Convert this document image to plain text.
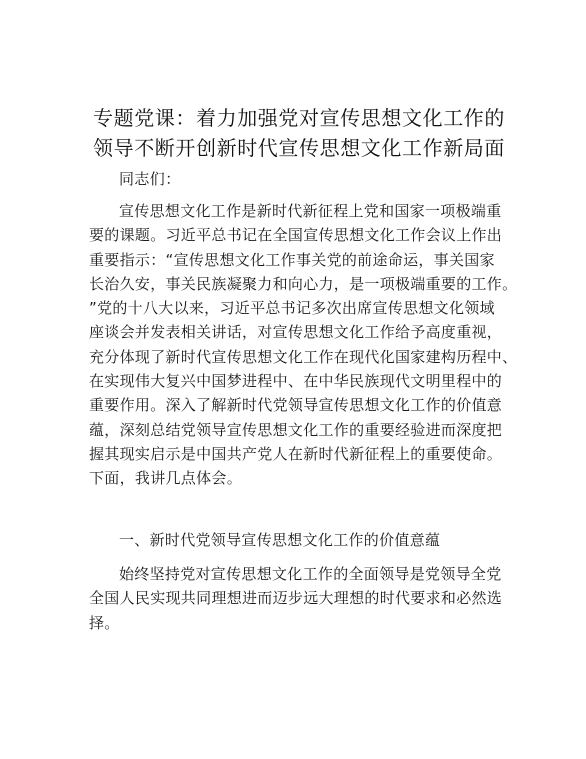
专题党课：着力加强党对宣传思想文化工作的
领导不断开创新时代宣传思想文化工作新局面
同志们：

宣传思想文化工作是新时代新征程上党和国家一项极端重
要的课题。习近平总书记在全国宣传思想文化工作会议上作出
重要指示：“宣传思想文化工作事关党的前途命运，事关国家
长治久安，事关民族凝聚力和向心力，是一项极端重要的工作。
”党的十八大以来，习近平总书记多次出席宣传思想文化领域
座谈会并发表相关讲话，对宣传思想文化工作给予高度重视，
充分体现了新时代宣传思想文化工作在现代化国家建构历程中、
在实现伟大复兴中国梦进程中、在中华民族现代文明里程中的
重要作用。深入了解新时代党领导宣传思想文化工作的价值意
蕴，深刻总结党领导宣传思想文化工作的重要经验进而深度把
握其现实启示是中国共产党人在新时代新征程上的重要使命。
下面，我讲几点体会。

一、新时代党领导宣传思想文化工作的价值意蕴

始终坚持党对宣传思想文化工作的全面领导是党领导全党
全国人民实现共同理想进而迈步远大理想的时代要求和必然选
择。
